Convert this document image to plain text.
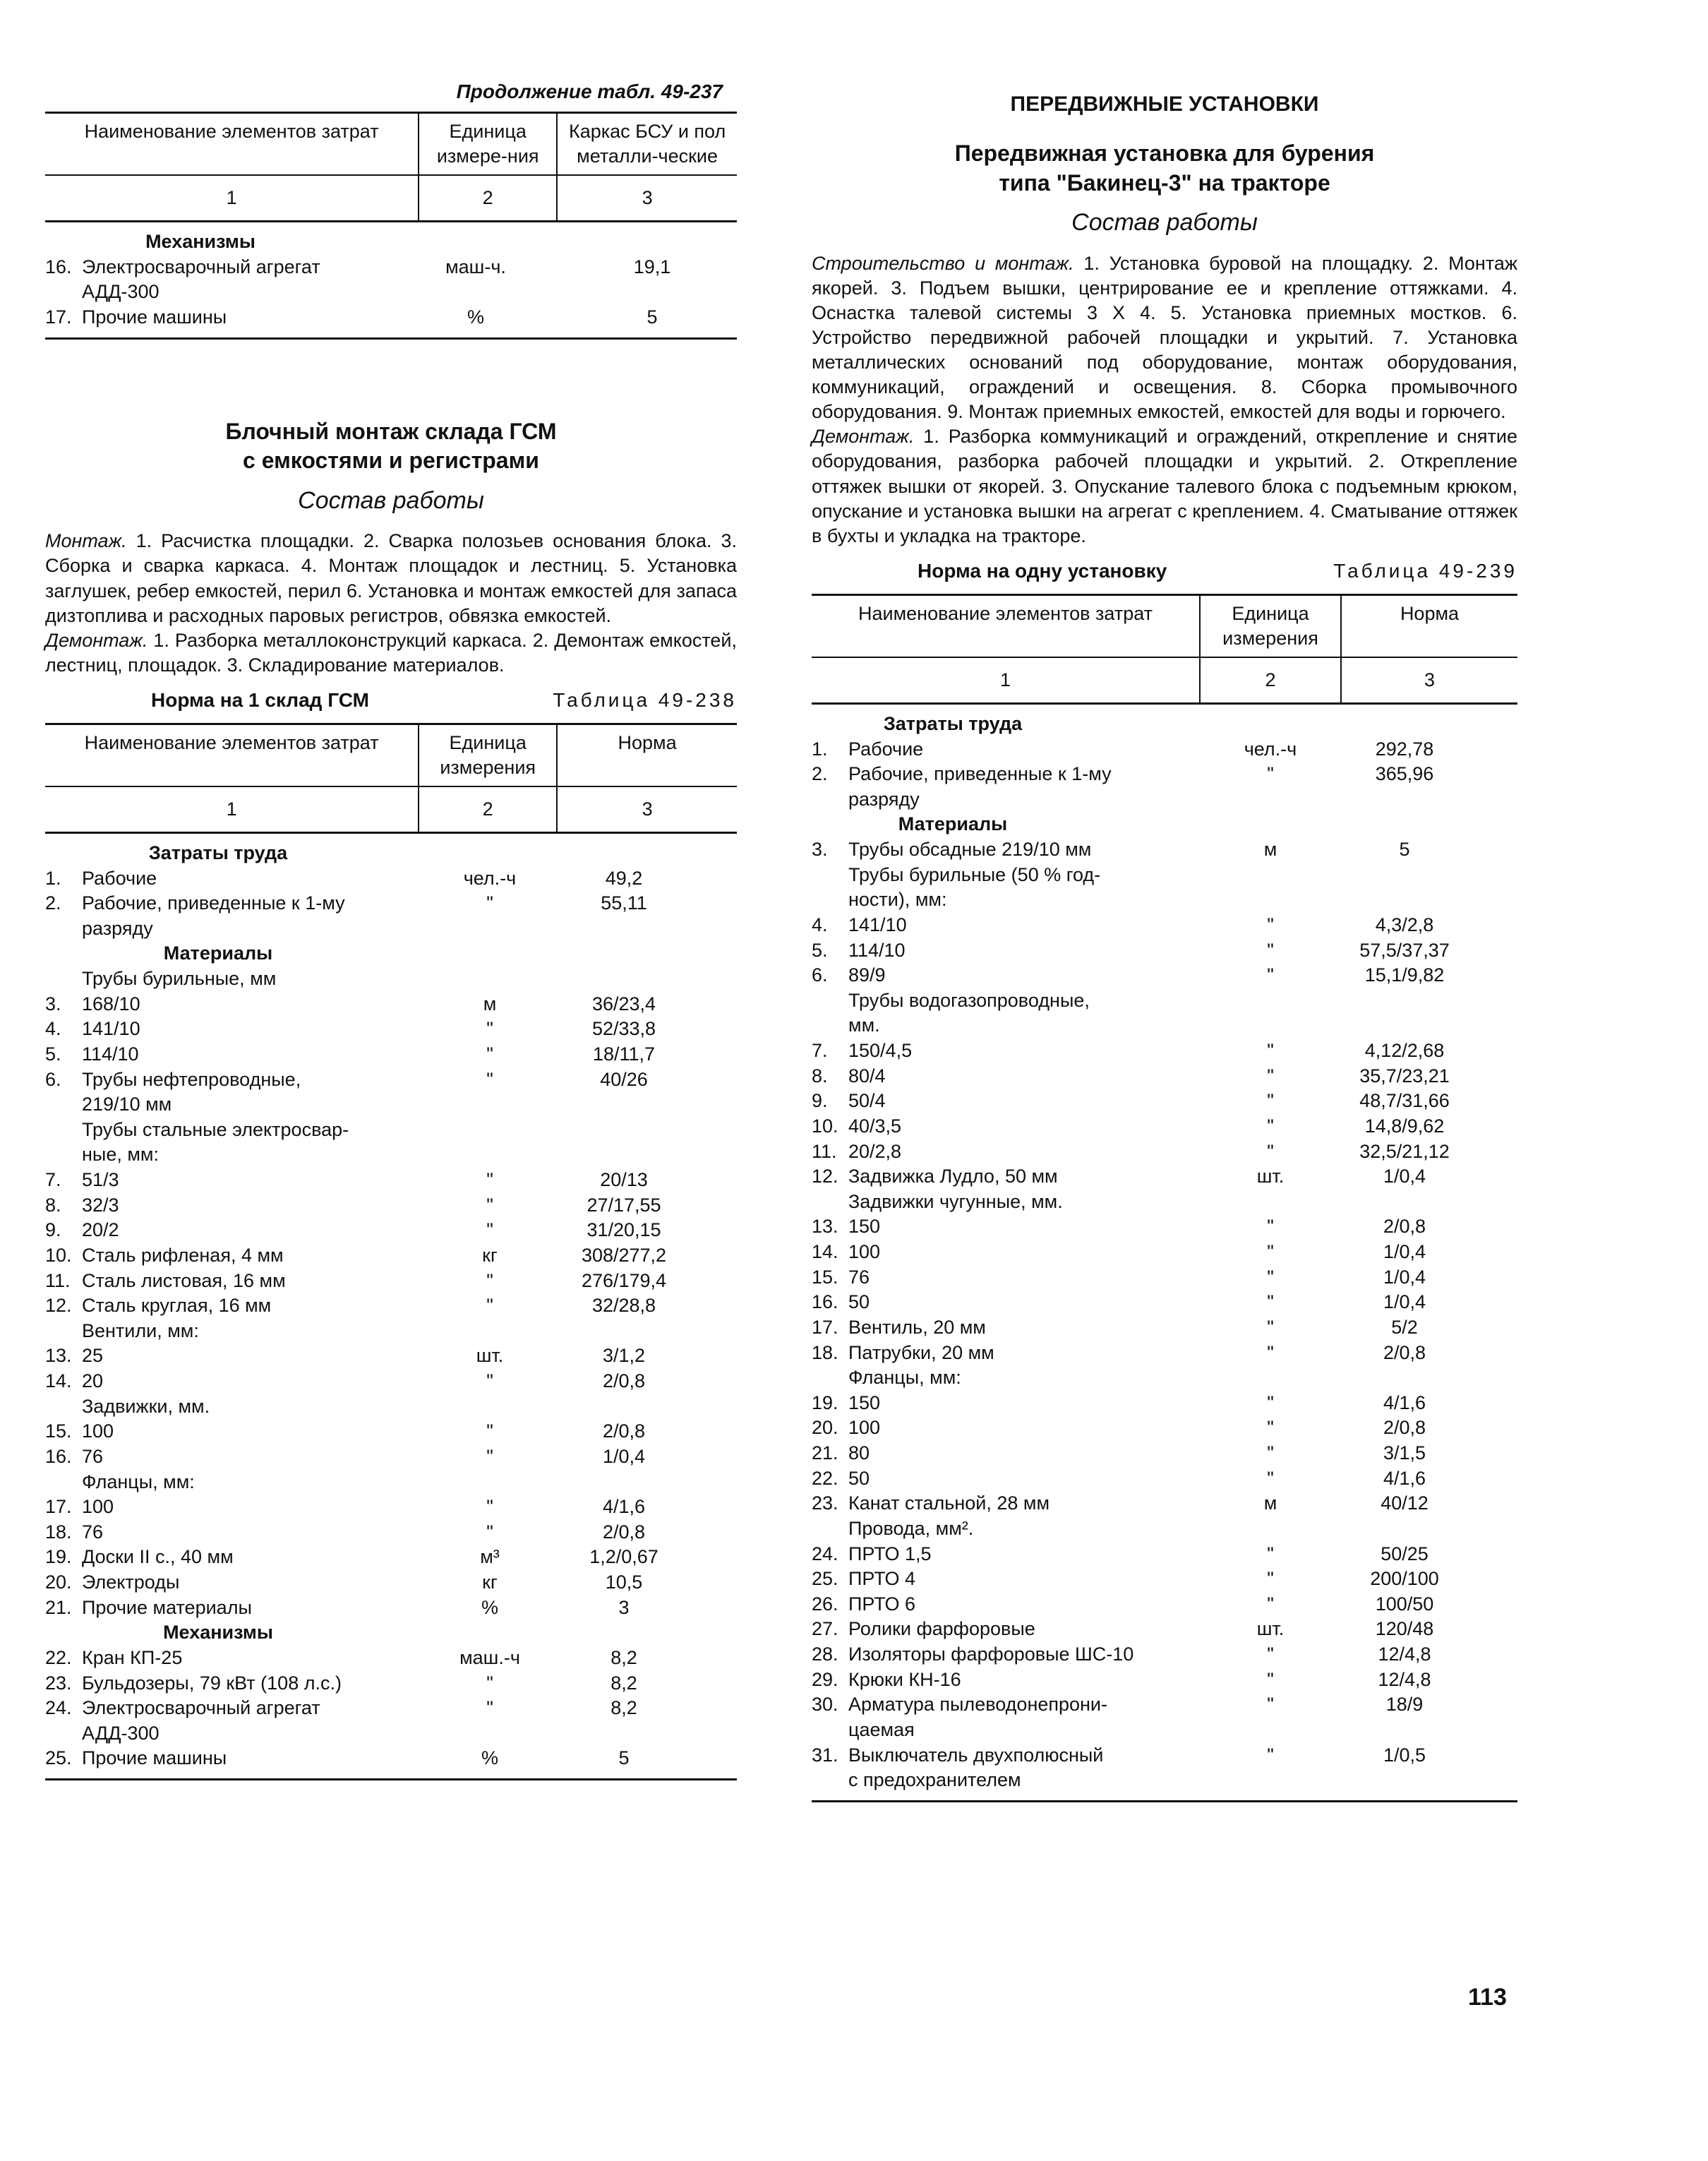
Продолжение табл. 49-237
Наименование элементов затрат	Единица измере-ния	Каркас БСУ и пол металли-ческие
1	2	3
Механизмы
16. Электросварочный агрегат	маш-ч.	19,1
АДД-300
17. Прочие машины	%	5
Блочный монтаж склада ГСМ
с емкостями и регистрами
Состав работы
Монтаж. 1. Расчистка площадки. 2. Сварка полозьев основания блока. 3. Сборка и сварка каркаса. 4. Монтаж площадок и лестниц. 5. Установка заглушек, ребер емкостей, перил 6. Установка и монтаж емкостей для запаса дизтоплива и расходных паровых регистров, обвязка емкостей.
Демонтаж. 1. Разборка металлоконструкций каркаса. 2. Демонтаж емкостей, лестниц, площадок. 3. Складирование материалов.
Норма на 1 склад ГСМ	Таблица 49-238
Наименование элементов затрат	Единица измерения	Норма
1	2	3
Затраты труда
1.	Рабочие	чел.-ч	49,2
2.	Рабочие, приведенные к 1-му	"	55,11
разряду
Материалы
Трубы бурильные, мм
3.	168/10	м	36/23,4
4.	141/10	"	52/33,8
5.	114/10	"	18/11,7
6.	Трубы нефтепроводные,	"	40/26
219/10 мм
Трубы стальные электросвар-
ные, мм:
7.	51/3	"	20/13
8.	32/3	"	27/17,55
9.	20/2	"	31/20,15
10. Сталь рифленая, 4 мм	кг	308/277,2
11. Сталь листовая, 16 мм	"	276/179,4
12. Сталь круглая, 16 мм	"	32/28,8
Вентили, мм:
13. 25	шт.	3/1,2
14. 20	"	2/0,8
Задвижки, мм.
15. 100	"	2/0,8
16. 76	"	1/0,4
Фланцы, мм:
17. 100	"	4/1,6
18. 76	"	2/0,8
19. Доски II с., 40 мм	м³	1,2/0,67
20. Электроды	кг	10,5
21. Прочие материалы	%	3
Механизмы
22. Кран КП-25	маш.-ч	8,2
23. Бульдозеры, 79 кВт (108 л.с.)	"	8,2
24. Электросварочный агрегат	"	8,2
АДД-300
25. Прочие машины	%	5
ПЕРЕДВИЖНЫЕ УСТАНОВКИ
Передвижная установка для бурения
типа "Бакинец-3" на тракторе
Состав работы
Строительство и монтаж. 1. Установка буровой на площадку. 2. Монтаж якорей. 3. Подъем вышки, центрирование ее и крепление оттяжками. 4. Оснастка талевой системы 3 Х 4. 5. Установка приемных мостков. 6. Устройство передвижной рабочей площадки и укрытий. 7. Установка металлических оснований под оборудование, монтаж оборудования, коммуникаций, ограждений и освещения. 8. Сборка промывочного оборудования. 9. Монтаж приемных емкостей, емкостей для воды и горючего.
Демонтаж. 1. Разборка коммуникаций и ограждений, открепление и снятие оборудования, разборка рабочей площадки и укрытий. 2. Открепление оттяжек вышки от якорей. 3. Опускание талевого блока с подъемным крюком, опускание и установка вышки на агрегат с креплением. 4. Сматывание оттяжек в бухты и укладка на тракторе.
Норма на одну установку	Таблица 49-239
Наименование элементов затрат	Единица измерения	Норма
1	2	3
Затраты труда
1.	Рабочие	чел.-ч	292,78
2.	Рабочие, приведенные к 1-му	"	365,96
разряду
Материалы
3.	Трубы обсадные 219/10 мм	м	5
Трубы бурильные (50 % год-
ности), мм:
4.	141/10	"	4,3/2,8
5.	114/10	"	57,5/37,37
6.	89/9	"	15,1/9,82
Трубы водогазопроводные,
мм.
7.	150/4,5	"	4,12/2,68
8.	80/4	"	35,7/23,21
9.	50/4	"	48,7/31,66
10. 40/3,5	"	14,8/9,62
11. 20/2,8	"	32,5/21,12
12. Задвижка Лудло, 50 мм	шт.	1/0,4
Задвижки чугунные, мм.
13. 150	"	2/0,8
14. 100	"	1/0,4
15. 76	"	1/0,4
16. 50	"	1/0,4
17. Вентиль, 20 мм	"	5/2
18. Патрубки, 20 мм	"	2/0,8
Фланцы, мм:
19. 150	"	4/1,6
20. 100	"	2/0,8
21. 80	"	3/1,5
22. 50	"	4/1,6
23. Канат стальной, 28 мм	м	40/12
Провода, мм².
24. ПРТО 1,5	"	50/25
25. ПРТО 4	"	200/100
26. ПРТО 6	"	100/50
27. Ролики фарфоровые	шт.	120/48
28. Изоляторы фарфоровые ШС-10	"	12/4,8
29. Крюки КН-16	"	12/4,8
30. Арматура пылеводонепрони-	"	18/9
цаемая
31. Выключатель двухполюсный	"	1/0,5
с предохранителем
113
